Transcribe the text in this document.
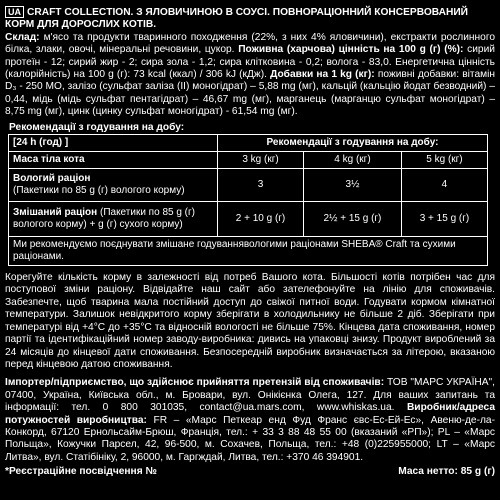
UA CRAFT COLLECTION. З ЯЛОВИЧИНОЮ В СОУСІ. ПОВНОРАЦІОННИЙ КОНСЕРВОВАНИЙ КОРМ ДЛЯ ДОРОСЛИХ КОТІВ.
Склад: м'ясо та продукти тваринного походження (22%, з них 4% яловичини), екстракти рослинного білка, злаки, овочі, мінеральні речовини, цукор. Поживна (харчова) цінність на 100 g (г) (%): сирий протеїн - 12; сирий жир - 2; сира зола - 1,2; сира клітковина - 0,2; вологa - 83,0. Енергетична цінність (калорійність) на 100 g (г): 73 kcal (ккал) / 306 kJ (кДж). Добавки на 1 kg (кг): поживні добавки: вітамін D₃ - 250 МО, залізо (сульфат заліза (II) моногідрат) – 5,88 mg (мг), кальцій (кальцію йодат безводний) – 0,44, мідь (мідь сульфат пентагідрат) – 46,67 mg (мг), марганець (марганцю сульфат моногідрат) – 8,75 mg (мг), цинк (цинку сульфат моногідрат) - 61,54 mg (мг).
Рекомендації з годування на добу:
[24 h (год) ]	Рекомендації з годування на добу:		
Маса тіла кота	3 kg (кг)	4 kg (кг)	5 kg (кг)

Вологий раціон
(Пакетики по 85 g (г) вологого корму)	3	3½	4
Змішаний раціон (Пакетики по 85 g (г) вологого корму) + g (г) сухого корму)	2 + 10 g (г)	2½ + 15 g (г)	3 + 15 g (г)
Ми рекомендуємо поєднувати змішане годуваннявологими раціонами SHEBA® Craft та сухими раціонами.			
Корегуйте кількість корму в залежності від потреб Вашого кота. Більшості котів потрібен час для поступової зміни раціону. Відвідайте наш сайт або зателефонуйте на лінію для споживачів. Забезпечте, щоб тварина мала постійний доступ до свіжої питної води. Годувати кормом кімнатної температури. Залишок невідкритого корму зберігати в холодильнику не більше 2 діб. Зберігати при температурі від +4°С до +35°С та відносній вологості не більше 75%. Кінцева дата споживання, номер партії та ідентифікаційний номер заводу-виробника: дивись на упаковці знизу. Продукт вироблений за 24 місяців до кінцевої дати споживання. Безпосередній виробник визначається за літерою, вказаною перед кінцевою датою споживання.
Імпортер/підприємство, що здійснює прийняття претензій від споживачів: ТОВ "МАРС УКРАЇНА", 07400, Україна, Київська обл., м. Бровари, вул. Онікієнка Олега, 127. Для ваших запитань та інформації: тел. 0 800 301035, contact@ua.mars.com, www.whiskas.ua. Виробник/адреса потужностей виробництва: FR – «Марс Петкеар енд Фуд Франс євс-Ес-Ей-Ес», Авеню-де-ла-Конкорд, 67120 Ернольсайм-Брюш, Франція, тел.: + 33 3 88 48 55 00 (вказаний «РП»); PL – «Марс Польща», Кожучки Парсел, 42, 96-500, м. Сохачев, Польща, тел.: +48 (0)225955000; LT – «Марс Литва», вул. Статібініку, 2, 96000, м. Гаргждай, Литва, тел.: +370 46 394901.
*Реєстраційне посвідчення №	Маса нетто: 85 g (г)
